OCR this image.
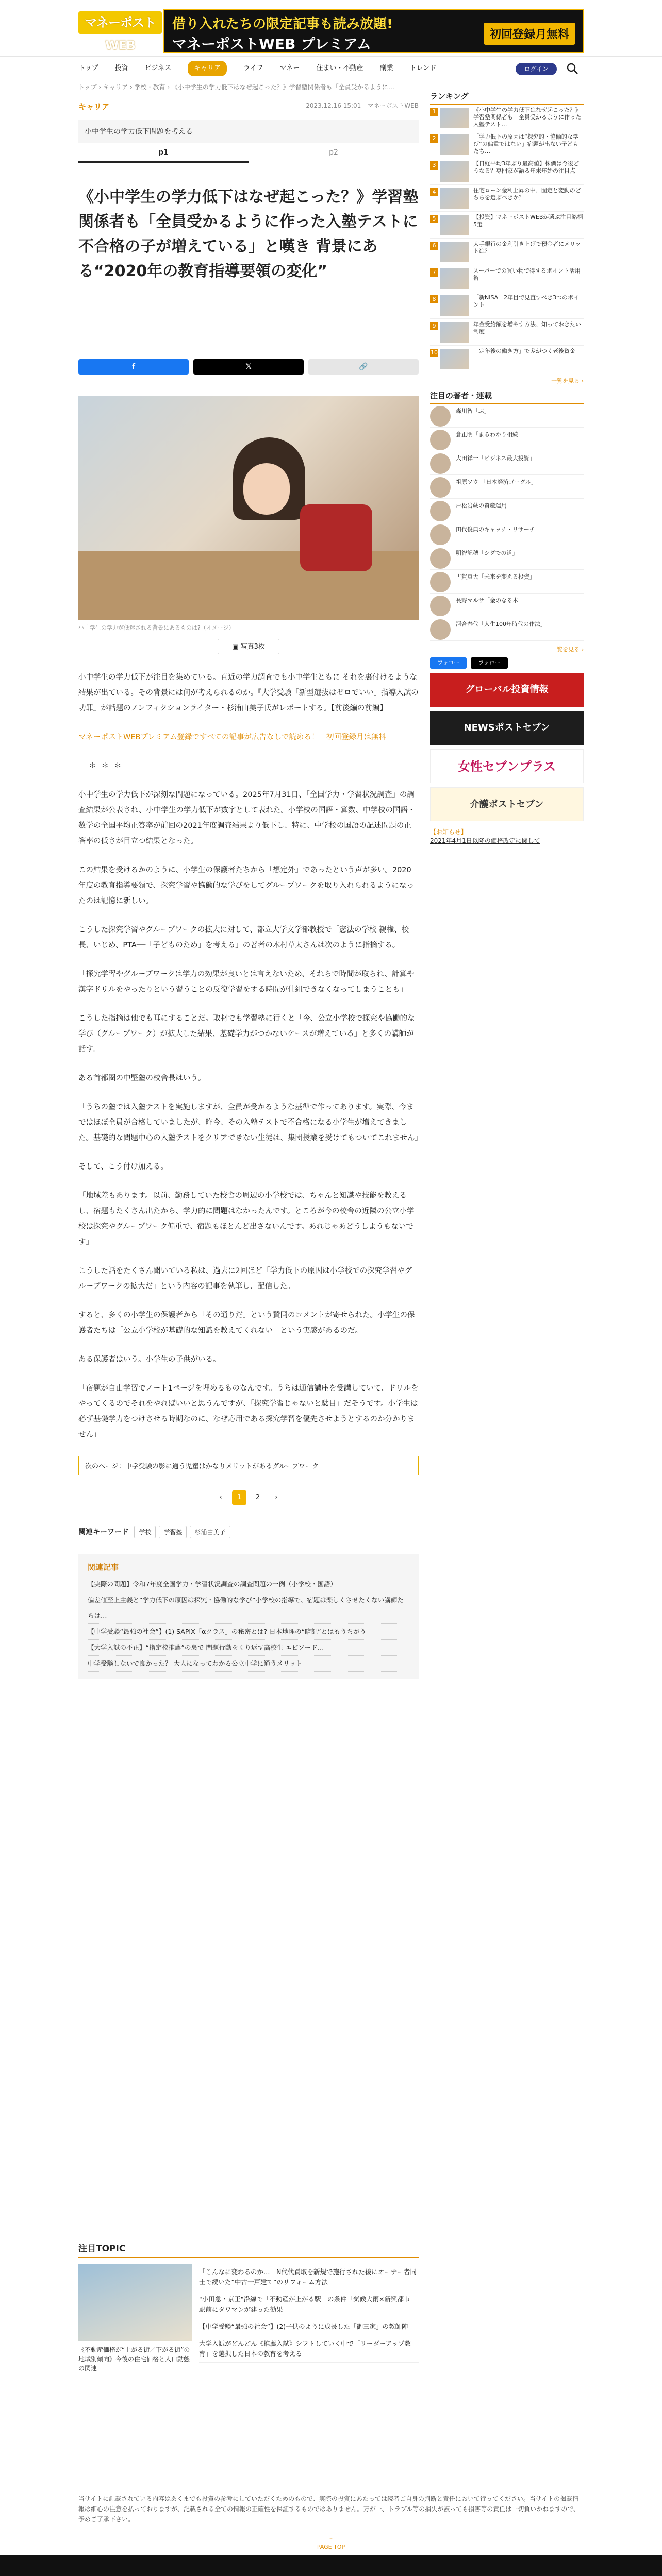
マネーポストWEB
借り入れたちの限定記事も読み放題!
マネーポストWEB プレミアム
初回登録月無料
トップ 投資 ビジネス	キャリア	ライフ マネー 住まい・不動産 副業 トレンド	ログイン
トップ › キャリア › 学校・教育 › 《小中学生の学力低下はなぜ起こった？》学習塾関係者も「全員受かるように…
キャリア	2023.12.16 15:01　 マネーポストWEB
小中学生の学力低下問題を考える
p1	p2
《小中学生の学力低下はなぜ起こった？》学習塾関係者も「全員受かるように作った入塾テストに不合格の子が増えている」と嘆き 背景にある“2020年の教育指導要領の変化”
f	𝕏	🔗
小中学生の学力が低迷される背景にあるものは?（イメージ）
▣ 写真3枚

小中学生の学力低下が注目を集めている。直近の学力調査でも小中学生ともに それを裏付けるような結果が出ている。その背景には何が考えられるのか。『大学受験「新型選抜はゼロでいい」指導入試の功罪』が話題のノンフィクションライター・杉浦由美子氏がレポートする。【前後編の前編】

マネーポストWEBプレミアム登録ですべての記事が広告なしで読める！　初回登録月は無料

＊＊＊

小中学生の学力低下が深刻な問題になっている。2025年7月31日、「全国学力・学習状況調査」の調査結果が公表され、小中学生の学力低下が数字として表れた。小学校の国語・算数、中学校の国語・数学の全国平均正答率が前回の2021年度調査結果より低下し、特に、中学校の国語の記述問題の正答率の低さが目立つ結果となった。

この結果を受けるかのように、小学生の保護者たちから「想定外」であったという声が多い。2020年度の教育指導要領で、探究学習や協働的な学びをしてグループワークを取り入れられるようになったのは記憶に新しい。

こうした探究学習やグループワークの拡大に対して、都立大学文学部教授で「憲法の学校 親権、校長、いじめ、PTA──「子どものため」を考える」の著者の木村草太さんは次のように指摘する。

「探究学習やグループワークは学力の効果が良いとは言えないため、それらで時間が取られ、計算や漢字ドリルをやったりという習うことの反復学習をする時間が仕組できなくなってしまうことも」

こうした指摘は他でも耳にすることだ。取材でも学習塾に行くと「今、公立小学校で探究や協働的な学び（グループワーク）が拡大した結果、基礎学力がつかないケースが増えている」と多くの講師が話す。

ある首都圏の中堅塾の校舎長はいう。

「うちの塾では入塾テストを実施しますが、全員が受かるような基準で作ってあります。実際、今まではほぼ全員が合格していましたが、昨今、その入塾テストで不合格になる小学生が増えてきました。基礎的な問題中心の入塾テストをクリアできない生徒は、集団授業を受けてもついてこれません」

そして、こう付け加える。

「地域差もあります。以前、勤務していた校舎の周辺の小学校では、ちゃんと知識や技能を教えるし、宿題もたくさん出たから、学力的に問題はなかったんです。ところが今の校舎の近隣の公立小学校は探究やグループワーク偏重で、宿題もほとんど出さないんです。あれじゃあどうしようもないです」

こうした話をたくさん聞いている私は、過去に2回ほど「学力低下の原因は小学校での探究学習やグループワークの拡大だ」という内容の記事を執筆し、配信した。

すると、多くの小学生の保護者から「その通りだ」という賛同のコメントが寄せられた。小学生の保護者たちは「公立小学校が基礎的な知識を教えてくれない」という実感があるのだ。

ある保護者はいう。小学生の子供がいる。

「宿題が自由学習でノート1ページを埋めるものなんです。うちは通信講座を受講していて、ドリルをやってくるのでそれをやればいいと思うんですが、「探究学習じゃないと駄目」だそうです。小学生は必ず基礎学力をつけさせる時期なのに、なぜ応用である探究学習を優先させようとするのか分かりません」

次のページ：中学受験の影に通う児童はかなりメリットがあるグループワーク
‹ 1 2 ›
関連キーワード 学校 学習塾 杉浦由美子
関連記事
【実際の問題】令和7年度全国学力・学習状況調査の調査問題の一例（小学校・国語）
偏差値至上主義と“学力低下の原因は探究・協働的な学び”小学校の指導で、宿題は楽しくさせたくない講師たちは…
【中学受験“最強の社会”】(1) SAPIX「αクラス」の秘密とは? 日本地理の“暗記”とはもうちがう
【大学入試の不正】“指定校推薦”の裏で 問題行動をくり返す高校生 エピソード…
中学受験しないで良かった？ 大人になってわかる公立中学に通うメリット
注目TOPIC
《不動産価格が“上がる街／下がる街”の地域別傾向》今後の住宅価格と人口動態の関連
「こんなに変わるのか…」N代代買取を新規で施行された後にオーナー者同士で続いた“中古一戸建て”のリフォーム方法
"小田急・京王"沿線で「不動産が上がる駅」の条件「気候大雨×新興都市」 駅前にタワマンが建った効果
【中学受験“最強の社会”】(2)子供のように成長した「御三家」の教師陣
大学入試がどんどん《推薦入試》シフトしていく中で「リーダーアップ教育」を選択した日本の教育を考える
当サイトに記載されている内容はあくまでも投資の参考にしていただくためのもので、実際の投資にあたっては読者ご自身の判断と責任において行ってください。当サイトの掲載情報は細心の注意を払っておりますが、記載される全ての情報の正確性を保証するものではありません。万が一、トラブル等の損失が被っても損害等の責任は一切負いかねますので、予めご了承下さい。
^
PAGE TOP
ランキング
1	《小中学生の学力低下はなぜ起こった？》学習塾関係者も「全員受かるように作った入塾テスト…
2	「学力低下の原因は“探究的・協働的な学び”の偏重ではない」宿題が出ない子どもたち…
3	【日経平均3年ぶり最高値】株価は今後どうなる？専門家が語る年末年始の注目点
4	住宅ローン金利上昇の中、固定と変動のどちらを選ぶべきか？
5	【投資】マネーポストWEBが選ぶ注目銘柄5選
6	大手銀行の金利引き上げで預金者にメリットは？
7	スーパーでの買い物で得するポイント活用術
8	「新NISA」2年目で見直すべき3つのポイント
9	年金受給額を増やす方法、知っておきたい制度
10	「定年後の働き方」で差がつく老後資金
一覧を見る ›
注目の著者・連載
森川智「ぶ」
倉正明「まるわかり相続」
大田祥一「ビジネス最大投資」
祖原ソウ 「日本経済ゴーグル」
戸松岩蔵の資産運用
田代俊典のキャッチ・リサーチ
明智記穂「シダでの道」
古賀真大「未来を変える投資」
長野マルサ「金のなる木」
河合春代「人生100年時代の作法」
一覧を見る ›
フォロー	フォロー
グローバル投資情報
NEWSポストセブン
女性セブンプラス
介護ポストセブン
【お知らせ】
2021年4月1日以降の価格改定に関して
